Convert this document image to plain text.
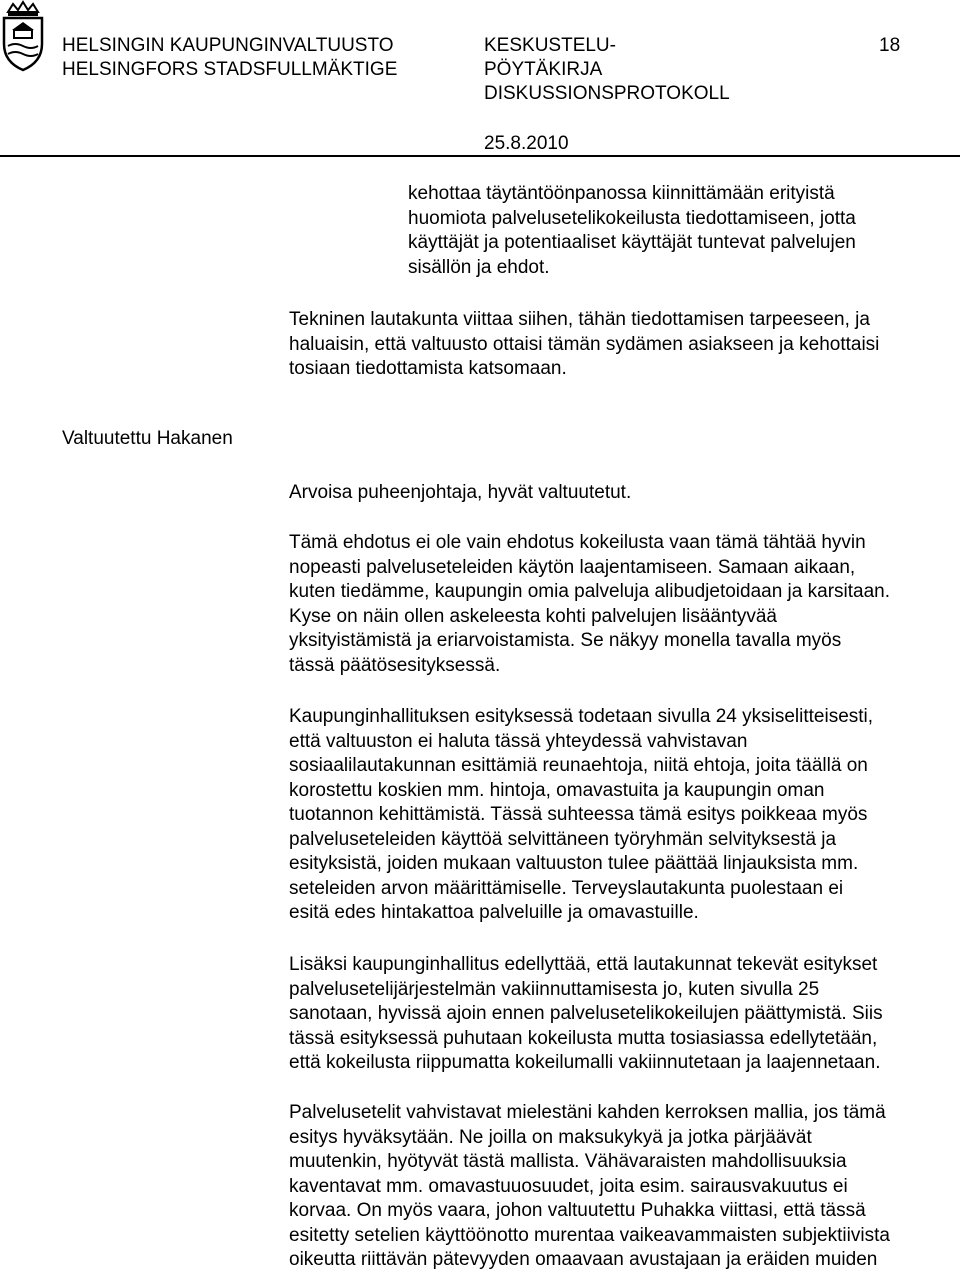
HELSINGIN KAUPUNGINVALTUUSTO
HELSINGFORS STADSFULLMÄKTIGE
KESKUSTELU-
PÖYTÄKIRJA
DISKUSSIONSPROTOKOLL
18
25.8.2010
kehottaa täytäntöönpanossa kiinnittämään erityistä
huomiota palvelusetelikokeilusta tiedottamiseen, jotta
käyttäjät ja potentiaaliset käyttäjät tuntevat palvelujen
sisällön ja ehdot.
Tekninen lautakunta viittaa siihen, tähän tiedottamisen tarpeeseen, ja
haluaisin, että valtuusto ottaisi tämän sydämen asiakseen ja kehottaisi
tosiaan tiedottamista katsomaan.
Valtuutettu Hakanen
Arvoisa puheenjohtaja, hyvät valtuutetut.
Tämä ehdotus ei ole vain ehdotus kokeilusta vaan tämä tähtää hyvin
nopeasti palveluseteleiden käytön laajentamiseen. Samaan aikaan,
kuten tiedämme, kaupungin omia palveluja alibudjetoidaan ja karsitaan.
Kyse on näin ollen askeleesta kohti palvelujen lisääntyvää
yksityistämistä ja eriarvoistamista. Se näkyy monella tavalla myös
tässä päätösesityksessä.
Kaupunginhallituksen esityksessä todetaan sivulla 24 yksiselitteisesti,
että valtuuston ei haluta tässä yhteydessä vahvistavan
sosiaalilautakunnan esittämiä reunaehtoja, niitä ehtoja, joita täällä on
korostettu koskien mm. hintoja, omavastuita ja kaupungin oman
tuotannon kehittämistä. Tässä suhteessa tämä esitys poikkeaa myös
palveluseteleiden käyttöä selvittäneen työryhmän selvityksestä ja
esityksistä, joiden mukaan valtuuston tulee päättää linjauksista mm.
seteleiden arvon määrittämiselle. Terveyslautakunta puolestaan ei
esitä edes hintakattoa palveluille ja omavastuille.
Lisäksi kaupunginhallitus edellyttää, että lautakunnat tekevät esitykset
palvelusetelijärjestelmän vakiinnuttamisesta jo, kuten sivulla 25
sanotaan, hyvissä ajoin ennen palvelusetelikokeilujen päättymistä. Siis
tässä esityksessä puhutaan kokeilusta mutta tosiasiassa edellytetään,
että kokeilusta riippumatta kokeilumalli vakiinnutetaan ja laajennetaan.
Palvelusetelit vahvistavat mielestäni kahden kerroksen mallia, jos tämä
esitys hyväksytään. Ne joilla on maksukykyä ja jotka pärjäävät
muutenkin, hyötyvät tästä mallista. Vähävaraisten mahdollisuuksia
kaventavat mm. omavastuuosuudet, joita esim. sairausvakuutus ei
korvaa. On myös vaara, johon valtuutettu Puhakka viittasi, että tässä
esitetty setelien käyttöönotto murentaa vaikeavammaisten subjektiivista
oikeutta riittävän pätevyyden omaavaan avustajaan ja eräiden muiden
